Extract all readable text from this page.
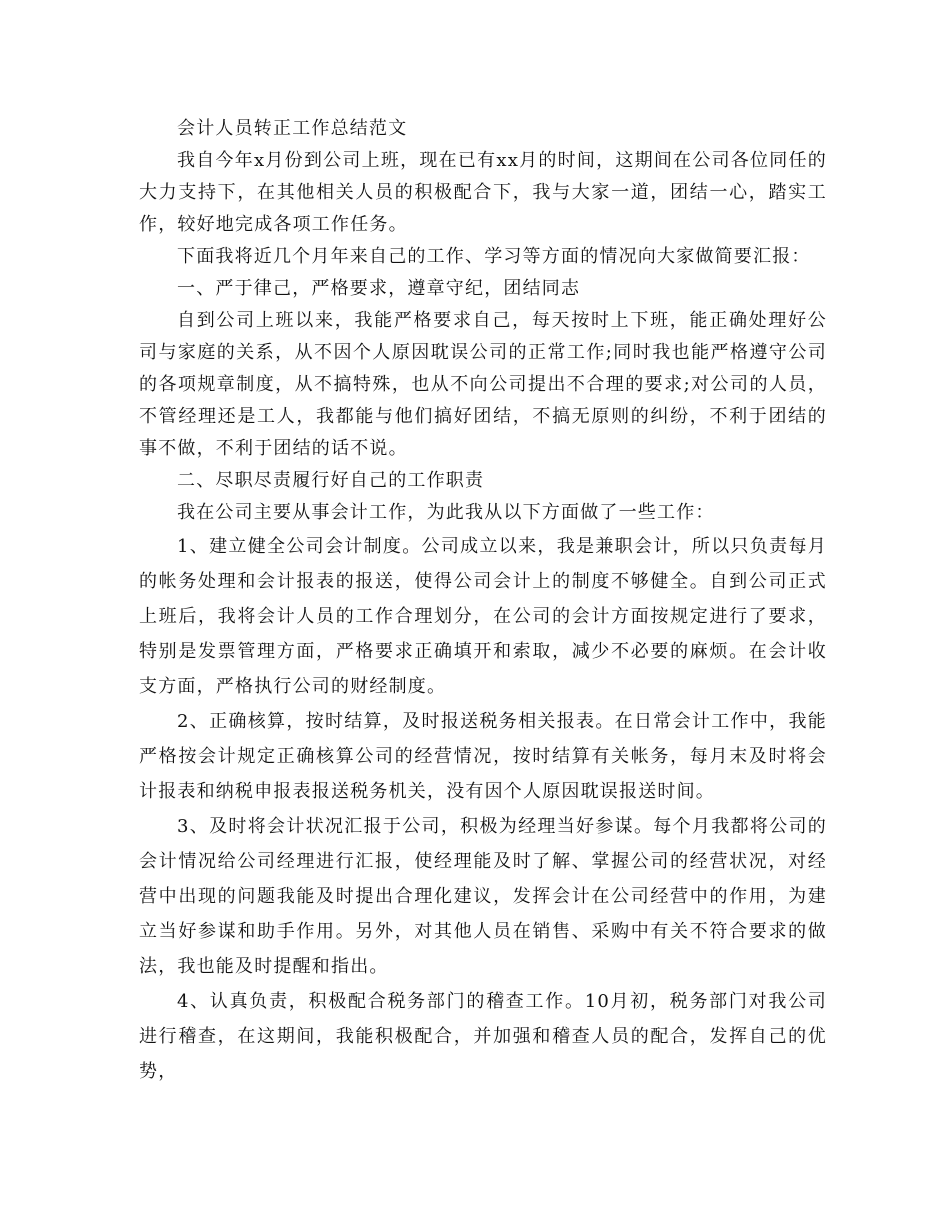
会计人员转正工作总结范文

我自今年x月份到公司上班，现在已有xx月的时间，这期间在公司各位同任的大力支持下，在其他相关人员的积极配合下，我与大家一道，团结一心，踏实工作，较好地完成各项工作任务。

下面我将近几个月年来自己的工作、学习等方面的情况向大家做简要汇报：

一、严于律己，严格要求，遵章守纪，团结同志

自到公司上班以来，我能严格要求自己，每天按时上下班，能正确处理好公司与家庭的关系，从不因个人原因耽误公司的正常工作;同时我也能严格遵守公司的各项规章制度，从不搞特殊，也从不向公司提出不合理的要求;对公司的人员，不管经理还是工人，我都能与他们搞好团结，不搞无原则的纠纷，不利于团结的事不做，不利于团结的话不说。

二、尽职尽责履行好自己的工作职责

我在公司主要从事会计工作，为此我从以下方面做了一些工作：

1、建立健全公司会计制度。公司成立以来，我是兼职会计，所以只负责每月的帐务处理和会计报表的报送，使得公司会计上的制度不够健全。自到公司正式上班后，我将会计人员的工作合理划分，在公司的会计方面按规定进行了要求，特别是发票管理方面，严格要求正确填开和索取，减少不必要的麻烦。在会计收支方面，严格执行公司的财经制度。

2、正确核算，按时结算，及时报送税务相关报表。在日常会计工作中，我能严格按会计规定正确核算公司的经营情况，按时结算有关帐务，每月末及时将会计报表和纳税申报表报送税务机关，没有因个人原因耽误报送时间。

3、及时将会计状况汇报于公司，积极为经理当好参谋。每个月我都将公司的会计情况给公司经理进行汇报，使经理能及时了解、掌握公司的经营状况，对经营中出现的问题我能及时提出合理化建议，发挥会计在公司经营中的作用，为建立当好参谋和助手作用。另外，对其他人员在销售、采购中有关不符合要求的做法，我也能及时提醒和指出。

4、认真负责，积极配合税务部门的稽查工作。10月初，税务部门对我公司进行稽查，在这期间，我能积极配合，并加强和稽查人员的配合，发挥自己的优势，
